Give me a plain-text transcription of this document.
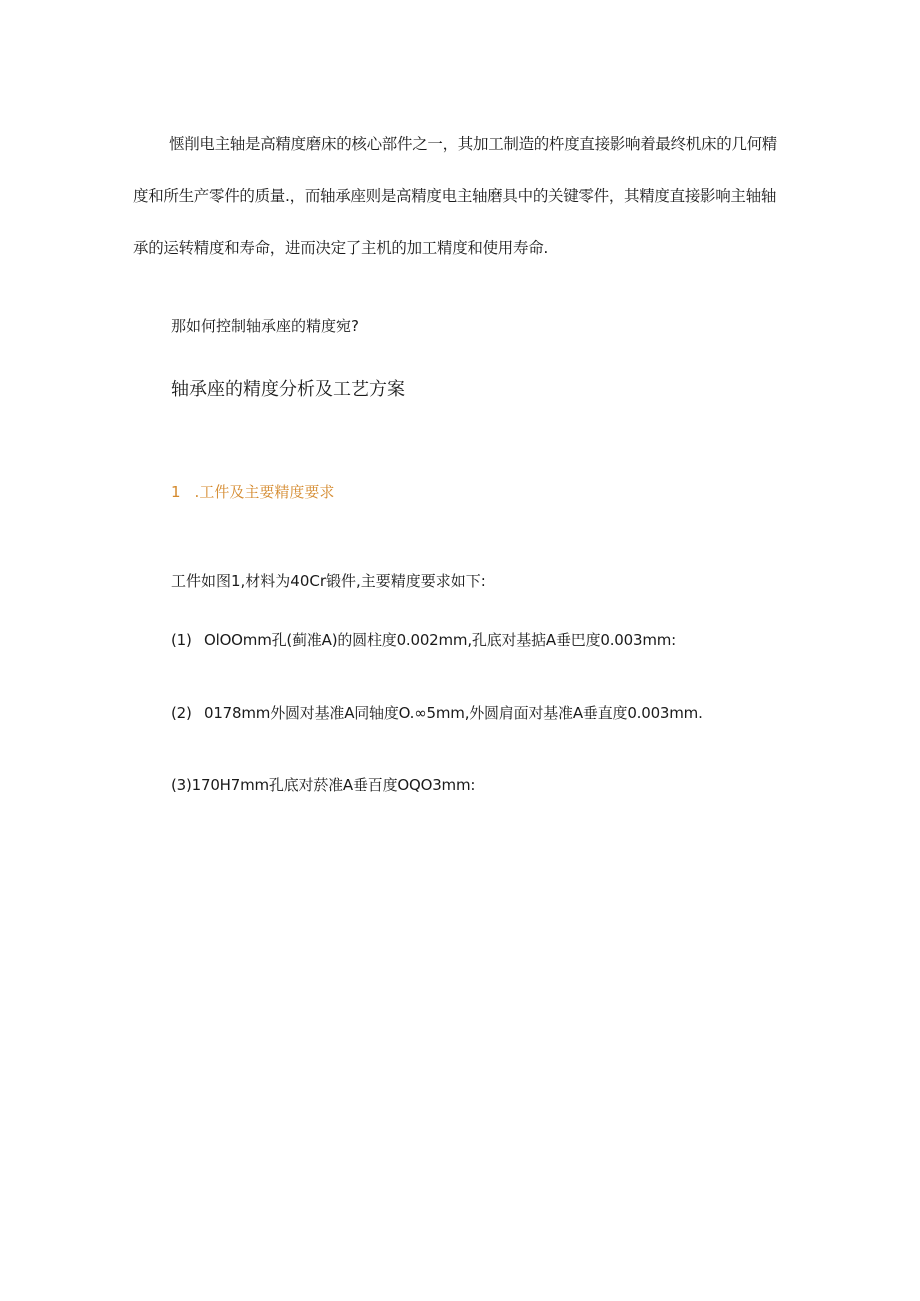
惬削电主轴是高精度磨床的核心部件之一，其加工制造的杵度直接影响着最终机床的几何精度和所生产零件的质量.，而轴承座则是高精度电主轴磨具中的关键零件，其精度直接影响主轴轴承的运转精度和寿命，进而决定了主机的加工精度和使用寿命.

那如何控制轴承座的精度宛?

轴承座的精度分析及工艺方案

1 .工件及主要精度要求

工件如图1,材料为40Cr锻件,主要精度要求如下:

(1) OlOOmm孔(蓟准A)的圆柱度0.002mm,孔底对基掂A垂巴度0.003mm:

(2) 0178mm外圆对基准A同轴度O.∞5mm,外圆肩面对基准A垂直度0.003mm.

(3)170H7mm孔底对菸准A垂百度OQO3mm:
